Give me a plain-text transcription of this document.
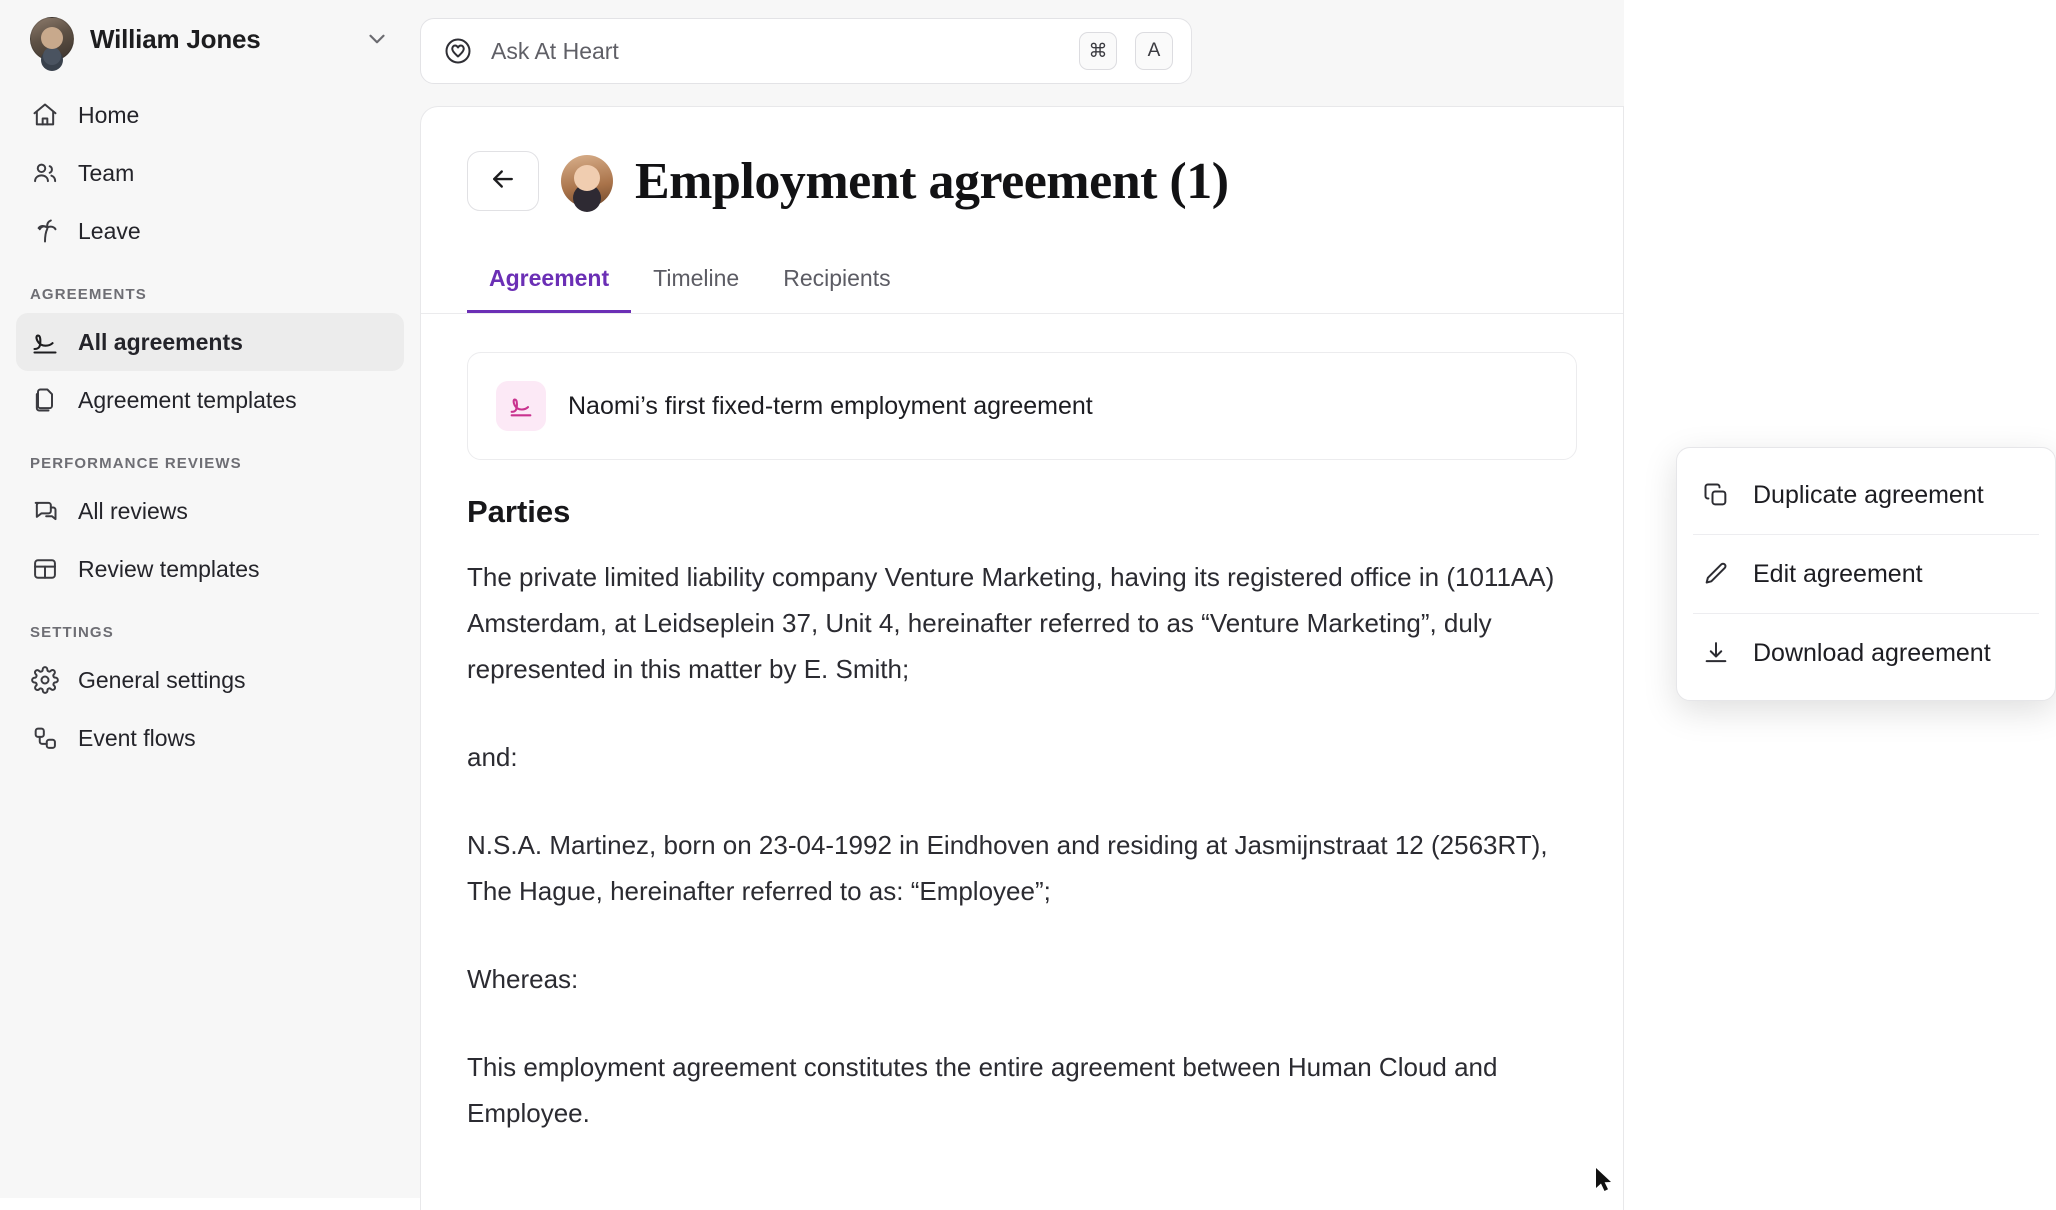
William Jones
Home
Team
Leave
AGREEMENTS
All agreements
Agreement templates
PERFORMANCE REVIEWS
All reviews
Review templates
SETTINGS
General settings
Event flows
Ask At Heart	⌘	A
Employment agreement (1)
Agreement	Timeline	Recipients
Naomi’s first fixed-term employment agreement
Parties

The private limited liability company Venture Marketing, having its registered office in (1011AA) Amsterdam, at Leidseplein 37, Unit 4, hereinafter referred to as “Venture Marketing”, duly represented in this matter by E. Smith;

and:

N.S.A. Martinez, born on 23-04-1992 in Eindhoven and residing at Jasmijnstraat 12 (2563RT), The Hague, hereinafter referred to as: “Employee”;

Whereas:

This employment agreement constitutes the entire agreement between Human Cloud and Employee.

Duplicate agreement
Edit agreement
Download agreement
